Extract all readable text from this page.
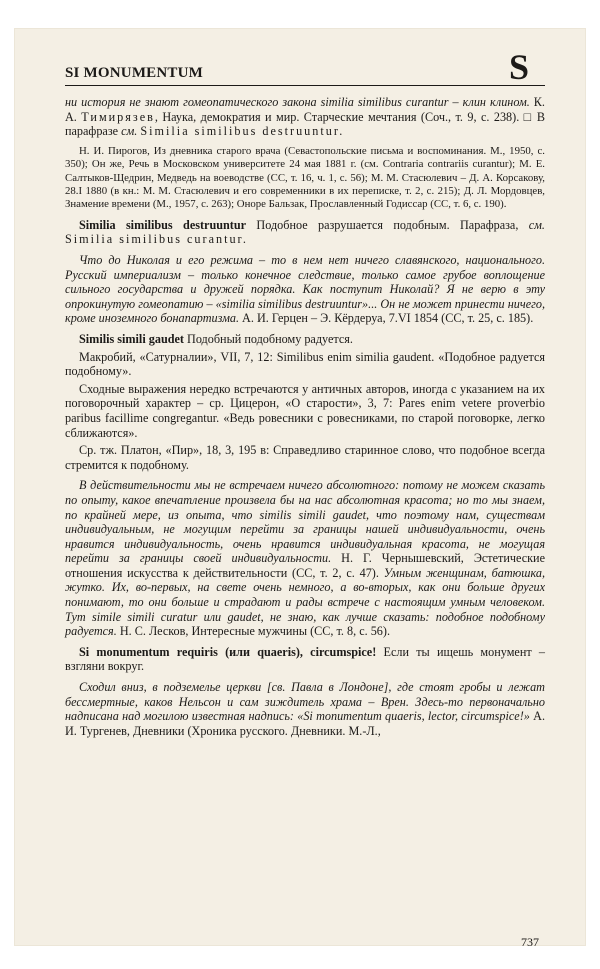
SI MONUMENTUM	S

ни история не знают гомеопатического закона similia similibus curantur – клин клином. К. А. Тимирязев, Наука, демократия и мир. Старческие мечтания (Соч., т. 9, с. 238). □ В парафразе см. Similia similibus destruuntur.

Н. И. Пирогов, Из дневника старого врача (Севастопольские письма и воспоминания. М., 1950, с. 350); Он же, Речь в Московском университете 24 мая 1881 г. (см. Contraria contrariis curantur); М. Е. Салтыков-Щедрин, Медведь на воеводстве (СС, т. 16, ч. 1, с. 56); М. М. Стасюлевич – Д. А. Корсакову, 28.I 1880 (в кн.: М. М. Стасюлевич и его современники в их переписке, т. 2, с. 215); Д. Л. Мордовцев, Знамение времени (М., 1957, с. 263); Оноре Бальзак, Прославленный Годиссар (СС, т. 6, с. 190).

Similia similibus destruuntur Подобное разрушается подобным. Парафраза, см. Similia similibus curantur.

Что до Николая и его режима – то в нем нет ничего славянского, национального. Русский империализм – только конечное следствие, только самое грубое воплощение сильного государства и дружей порядка. Как поступит Николай? Я не верю в эту опрокинутую гомеопатию – «similia similibus destruuntur»... Он не может принести ничего, кроме иноземного бонапартизма. А. И. Герцен – Э. Кёрдеруа, 7.VI 1854 (СС, т. 25, с. 185).

Similis simili gaudet Подобный подобному радуется.

Макробий, «Сатурналии», VII, 7, 12: Similibus enim similia gaudent. «Подобное радуется подобному».

Сходные выражения нередко встречаются у античных авторов, иногда с указанием на их поговорочный характер – ср. Цицерон, «О старости», 3, 7: Pares enim vetere proverbio paribus facillime congregantur. «Ведь ровесники с ровесниками, по старой поговорке, легко сближаются».

Ср. тж. Платон, «Пир», 18, 3, 195 в: Справедливо старинное слово, что подобное всегда стремится к подобному.

В действительности мы не встречаем ничего абсолютного: потому не можем сказать по опыту, какое впечатление произвела бы на нас абсолютная красота; но то мы знаем, по крайней мере, из опыта, что similis simili gaudet, что поэтому нам, существам индивидуальным, не могущим перейти за границы нашей индивидуальности, очень нравится индивидуальность, очень нравится индивидуальная красота, не могущая перейти за границы своей индивидуальности. Н. Г. Чернышевский, Эстетические отношения искусства к действительности (СС, т. 2, с. 47). Умным женщинам, батюшка, жутко. Их, во-первых, на свете очень немного, а во-вторых, как они больше других понимают, то они больше и страдают и рады встрече с настоящим умным человеком. Тут simile simili curatur или gaudet, не знаю, как лучше сказать: подобное подобному радуется. Н. С. Лесков, Интересные мужчины (СС, т. 8, с. 56).

Si monumentum requiris (или quaeris), circumspice! Если ты ищешь монумент – взгляни вокруг.

Сходил вниз, в подземелье церкви [св. Павла в Лондоне], где стоят гробы и лежат бессмертные, каков Нельсон и сам зиждитель храма – Врен. Здесь-то первоначально надписана над могилою известная надпись: «Si monumentum quaeris, lector, circumspice!» А. И. Тургенев, Дневники (Хроника русского. Дневники. М.-Л.,

737
